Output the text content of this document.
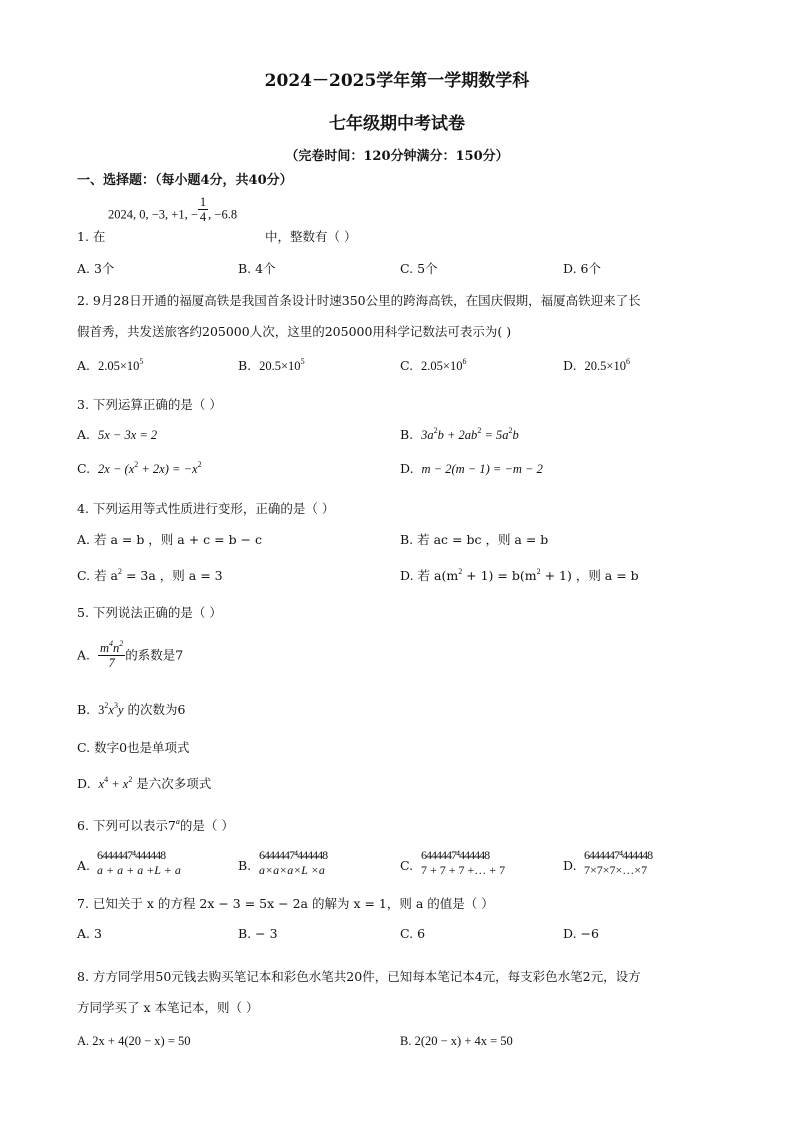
2024－2025学年第一学期数学科
七年级期中考试卷
（完卷时间：120分钟满分：150分）
一、选择题：（每小题4分，共40分）
2024, 0, −3, +1, − $\frac{1}{4}$ , −6.8
1. 在	中，整数有（ ）
A. 3个	B. 4个	C. 5个	D. 6个
2. 9月28日开通的福厦高铁是我国首条设计时速350公里的跨海高铁，在国庆假期，福厦高铁迎来了长
假首秀，共发送旅客约205000人次，这里的205000用科学记数法可表示为( )
A. $2.05\times 10^5$	B. $20.5\times 10^5$	C. $2.05\times 10^6$	D. $20.5\times 10^6$
3. 下列运算正确的是（ ）
A. 5x − 3x = 2	B. $3a^2b + 2ab^2 = 5a^2b$
C. $2x - (x^2 + 2x) = -x^2$	D. m − 2(m − 1) = −m − 2
4. 下列运用等式性质进行变形，正确的是（ ）
A. 若 a = b ，则 a + c = b − c	B. 若 ac = bc ，则 a = b
C. 若 $a^2 = 3a$ ，则 a = 3	D. 若 $a(m^2 + 1) = b(m^2 + 1)$ ，则 a = b
5. 下列说法正确的是（ ）
A. $\frac{m^4n^2}{7}$ 的系数是7
B. $3^2x^3y$ 的次数为6
C. 数字0也是单项式
D. $x^4 + x^2$ 是六次多项式
6. 下列可以表示7$^a$的是（ ）
A.
6444447⁴444448
a + a + a +L + a	B.
6444447⁴444448
a×a×a×L ×a	C.
6444447⁴444448
7 + 7 + 7 +… + 7	D.
6444447⁴444448
7×7×7×…×7
7. 已知关于 x 的方程 2x − 3 = 5x − 2a 的解为 x = 1，则 a 的值是（ ）
A. 3	B. − 3	C. 6	D. −6
8. 方方同学用50元钱去购买笔记本和彩色水笔共20件，已知每本笔记本4元，每支彩色水笔2元，设方
方同学买了 x 本笔记本，则（ ）
A. 2x + 4(20 − x) = 50	B. 2(20 − x) + 4x = 50
